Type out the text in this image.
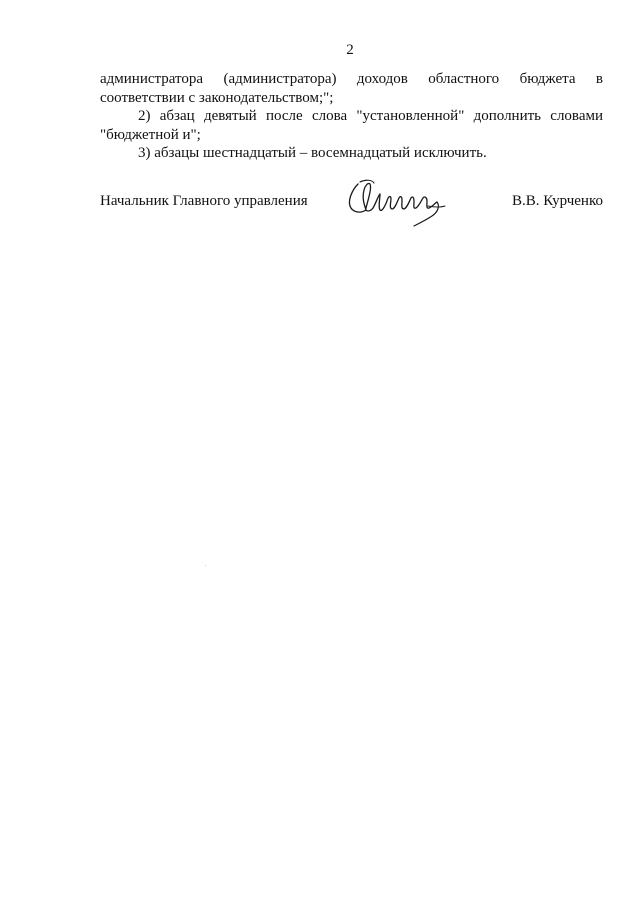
2
администратора (администратора) доходов областного бюджета в
соответствии с законодательством;";
2) абзац девятый после слова "установленной" дополнить словами
"бюджетной и";
3) абзацы шестнадцатый – восемнадцатый исключить.
Начальник Главного управления	В.В. Курченко
